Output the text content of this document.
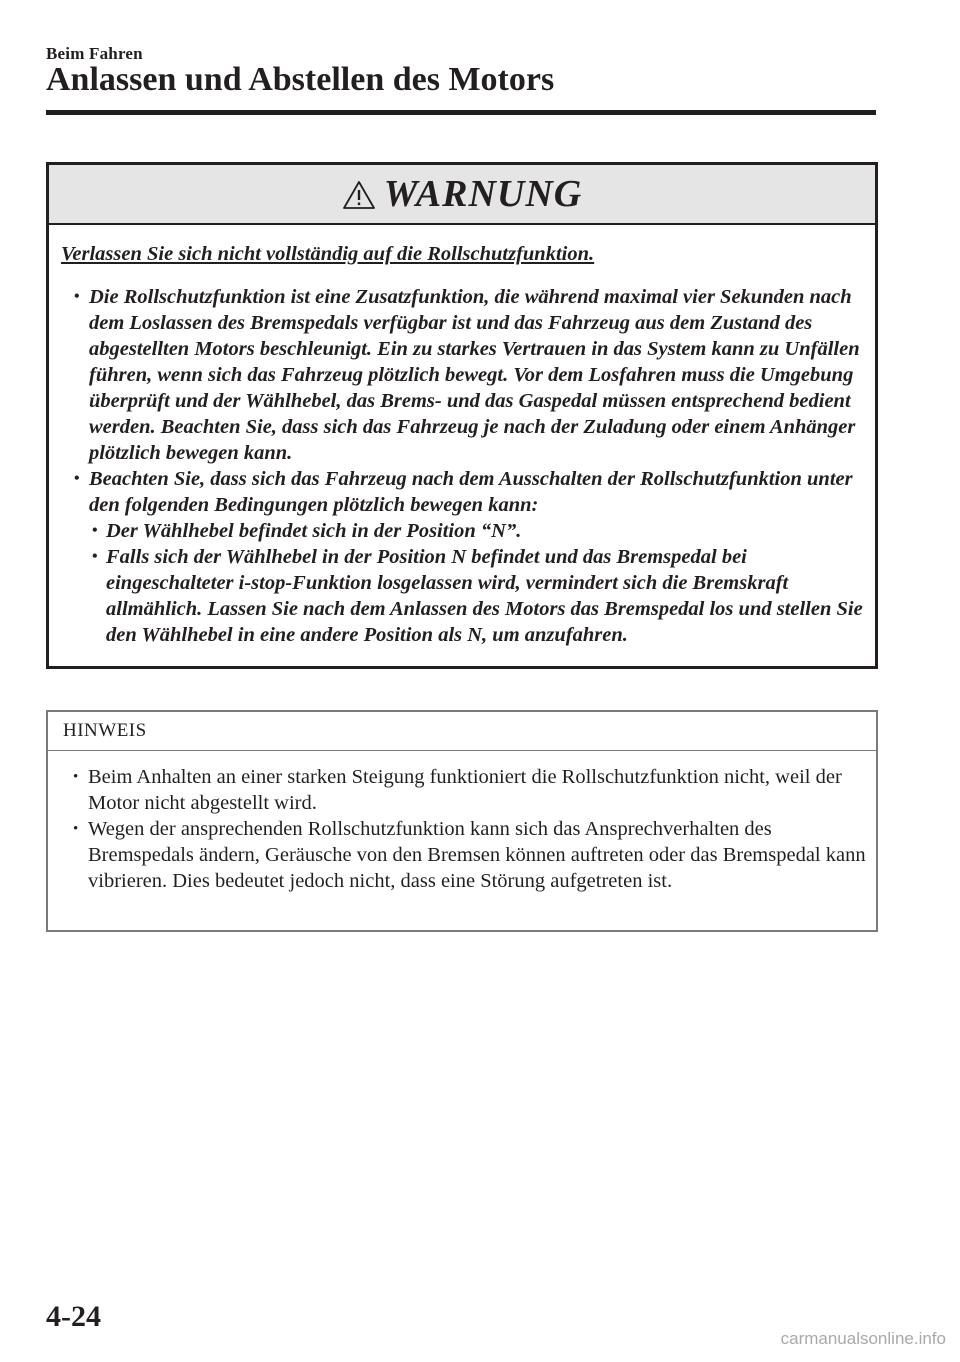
Beim Fahren
Anlassen und Abstellen des Motors
WARNUNG

Verlassen Sie sich nicht vollständig auf die Rollschutzfunktion.

• Die Rollschutzfunktion ist eine Zusatzfunktion, die während maximal vier Sekunden nach dem Loslassen des Bremspedals verfügbar ist und das Fahrzeug aus dem Zustand des abgestellten Motors beschleunigt. Ein zu starkes Vertrauen in das System kann zu Unfällen führen, wenn sich das Fahrzeug plötzlich bewegt. Vor dem Losfahren muss die Umgebung überprüft und der Wählhebel, das Brems- und das Gaspedal müssen entsprechend bedient werden. Beachten Sie, dass sich das Fahrzeug je nach der Zuladung oder einem Anhänger plötzlich bewegen kann.
• Beachten Sie, dass sich das Fahrzeug nach dem Ausschalten der Rollschutzfunktion unter den folgenden Bedingungen plötzlich bewegen kann:
• Der Wählhebel befindet sich in der Position “N”.
• Falls sich der Wählhebel in der Position N befindet und das Bremspedal bei eingeschalteter i-stop-Funktion losgelassen wird, vermindert sich die Bremskraft allmählich. Lassen Sie nach dem Anlassen des Motors das Bremspedal los und stellen Sie den Wählhebel in eine andere Position als N, um anzufahren.
HINWEIS
• Beim Anhalten an einer starken Steigung funktioniert die Rollschutzfunktion nicht, weil der Motor nicht abgestellt wird.
• Wegen der ansprechenden Rollschutzfunktion kann sich das Ansprechverhalten des Bremspedals ändern, Geräusche von den Bremsen können auftreten oder das Bremspedal kann vibrieren. Dies bedeutet jedoch nicht, dass eine Störung aufgetreten ist.
4-24
carmanualsonline.info
